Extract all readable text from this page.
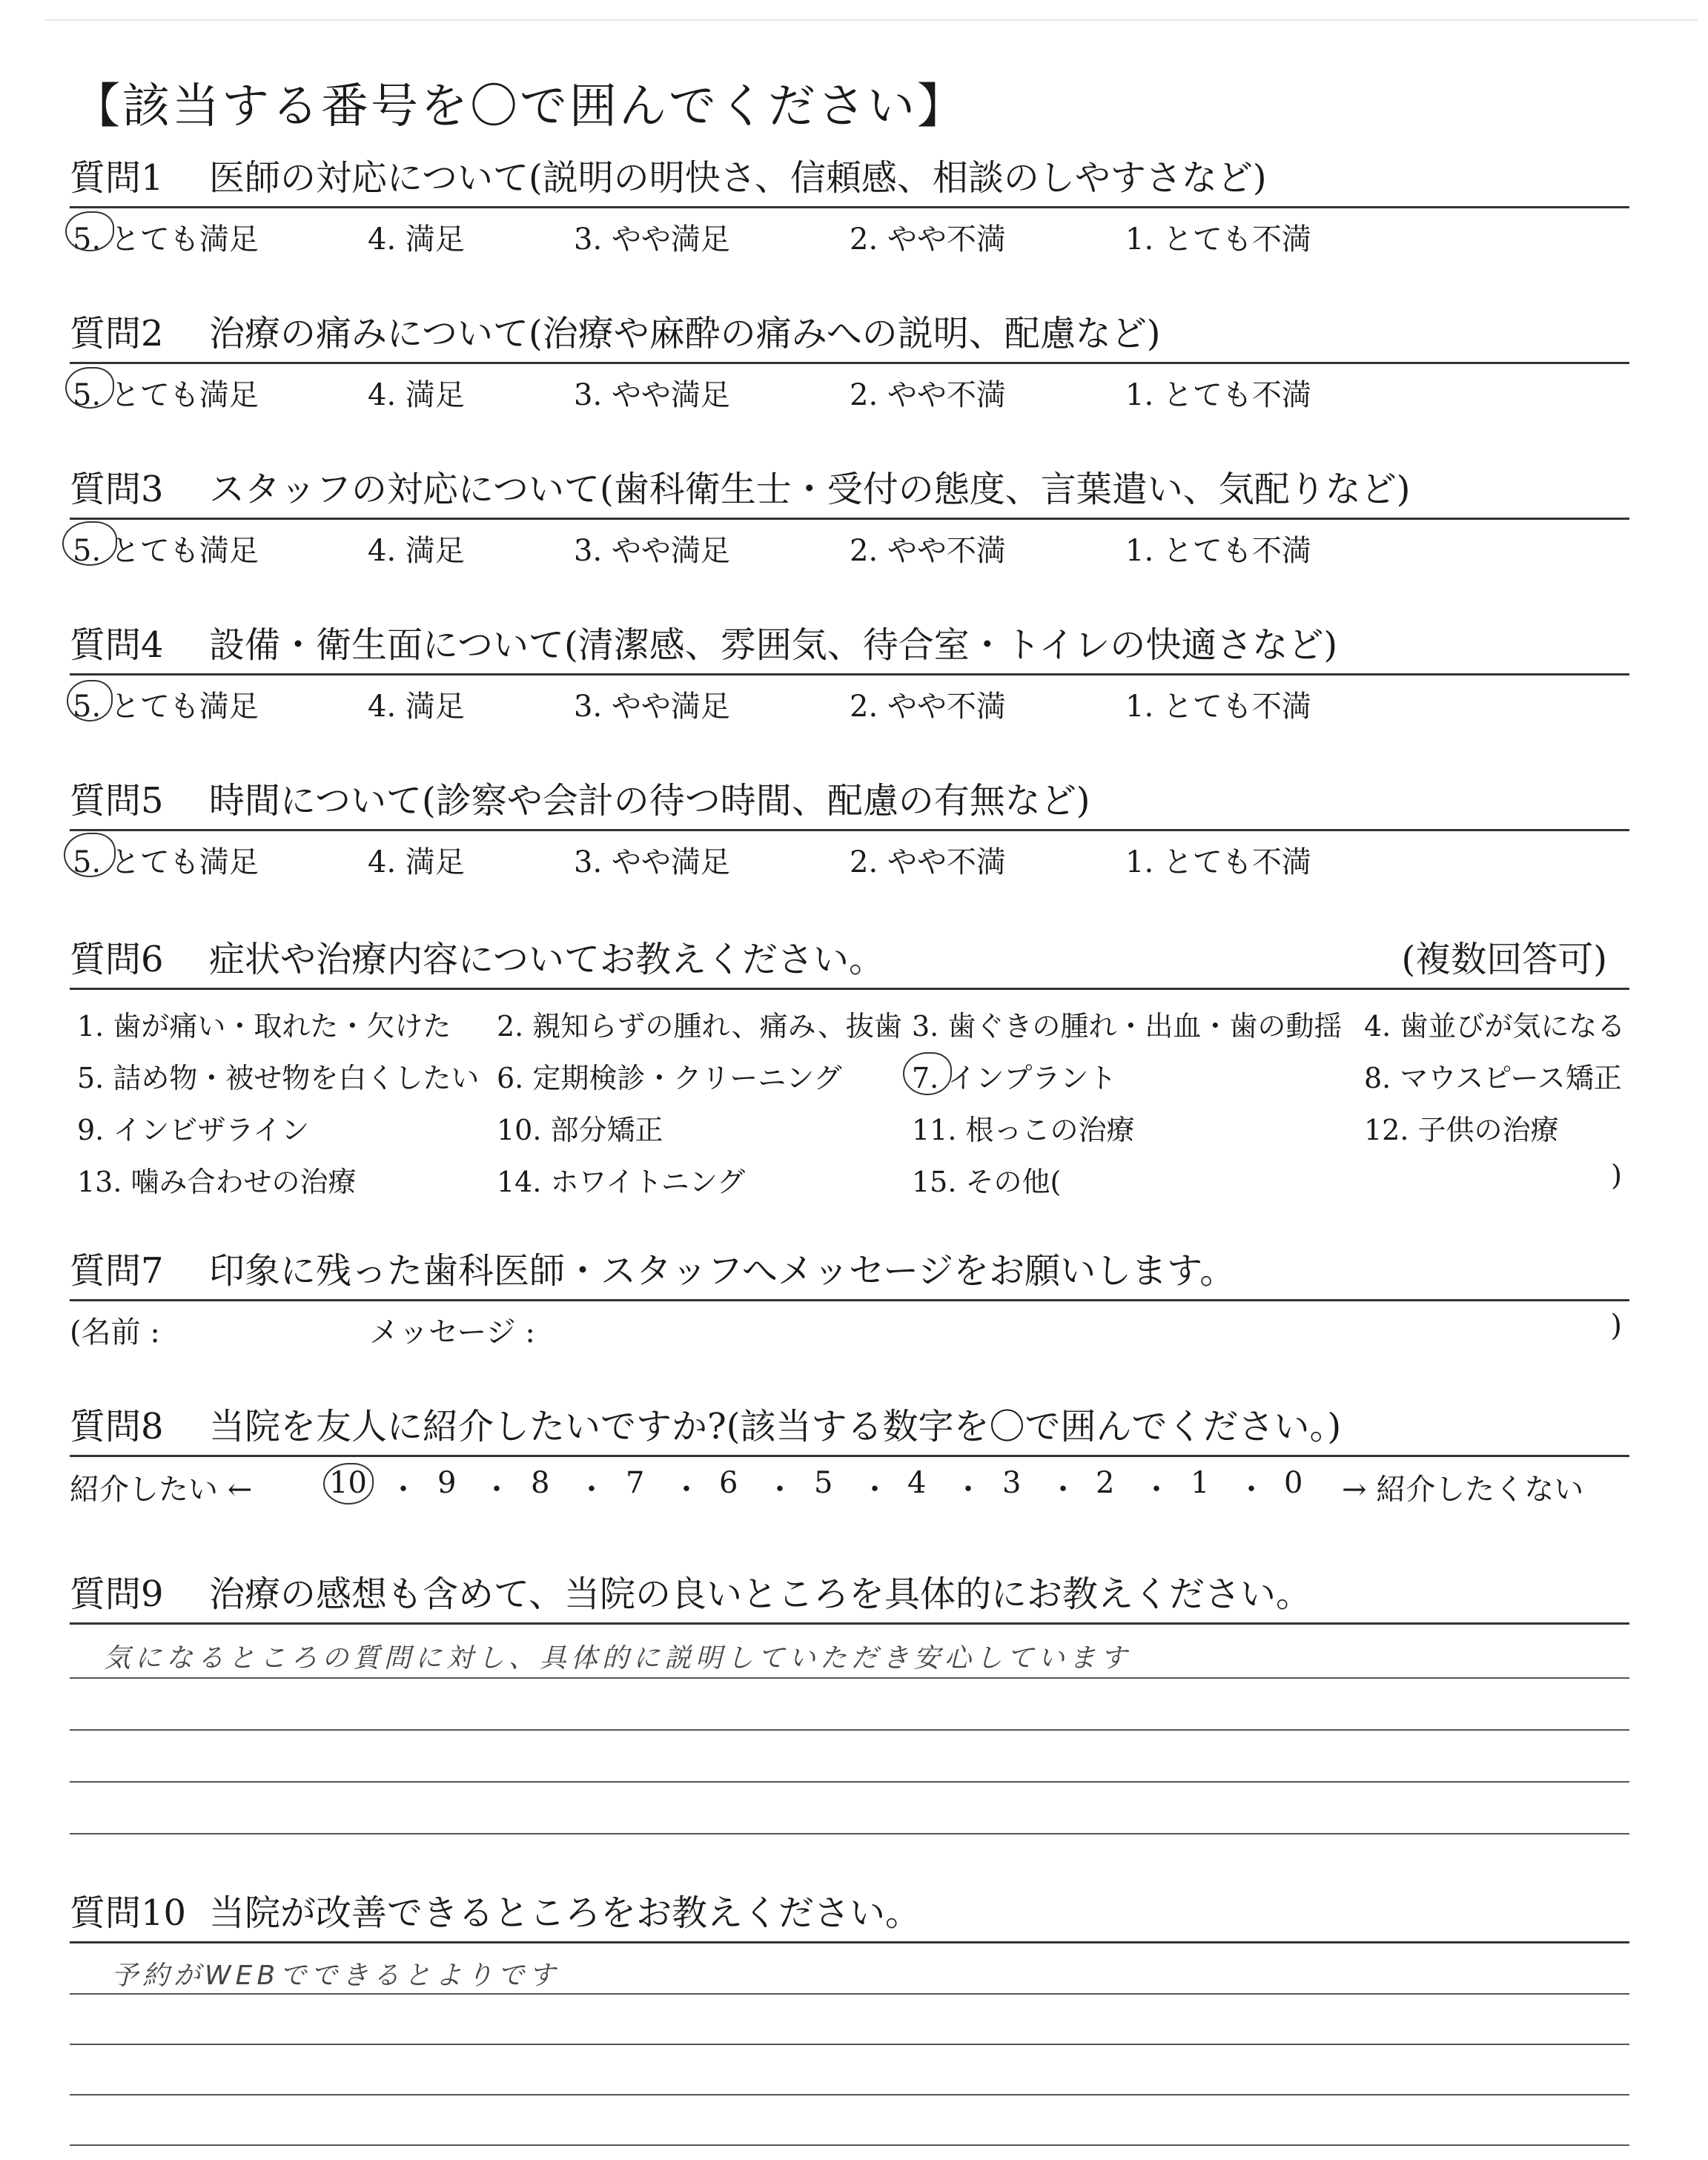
【該当する番号を〇で囲んでください】
質問1 医師の対応について(説明の明快さ、信頼感、相談のしやすさなど)
5. とても満足	4. 満足	3. やや満足	2. やや不満	1. とても不満
質問2 治療の痛みについて(治療や麻酔の痛みへの説明、配慮など)
5. とても満足	4. 満足	3. やや満足	2. やや不満	1. とても不満
質問3 スタッフの対応について(歯科衛生士・受付の態度、言葉遣い、気配りなど)
5. とても満足	4. 満足	3. やや満足	2. やや不満	1. とても不満
質問4 設備・衛生面について(清潔感、雰囲気、待合室・トイレの快適さなど)
5. とても満足	4. 満足	3. やや満足	2. やや不満	1. とても不満
質問5 時間について(診察や会計の待つ時間、配慮の有無など)
5. とても満足	4. 満足	3. やや満足	2. やや不満	1. とても不満
質問6 症状や治療内容についてお教えください。	(複数回答可)
1. 歯が痛い・取れた・欠けた 2. 親知らずの腫れ、痛み、抜歯 3. 歯ぐきの腫れ・出血・歯の動揺 4. 歯並びが気になる
5. 詰め物・被せ物を白くしたい 6. 定期検診・クリーニング 7. インプラント	8. マウスピース矯正
9. インビザライン	10. 部分矯正	11. 根っこの治療	12. 子供の治療
13. 噛み合わせの治療	14. ホワイトニング	15. その他(	)
質問7 印象に残った歯科医師・スタッフへメッセージをお願いします。
(名前 :	メッセージ :	)
質問8 当院を友人に紹介したいですか?(該当する数字を〇で囲んでください。)
紹介したい ←	10 ・ 9 ・ 8 ・ 7 ・ 6 ・ 5 ・ 4 ・ 3 ・ 2 ・ 1 ・ 0 → 紹介したくない
質問9 治療の感想も含めて、当院の良いところを具体的にお教えください。
気になるところの質問に対し、具体的に説明していただき安心しています
質問10 当院が改善できるところをお教えください。
予約がWEBでできるとよりです
